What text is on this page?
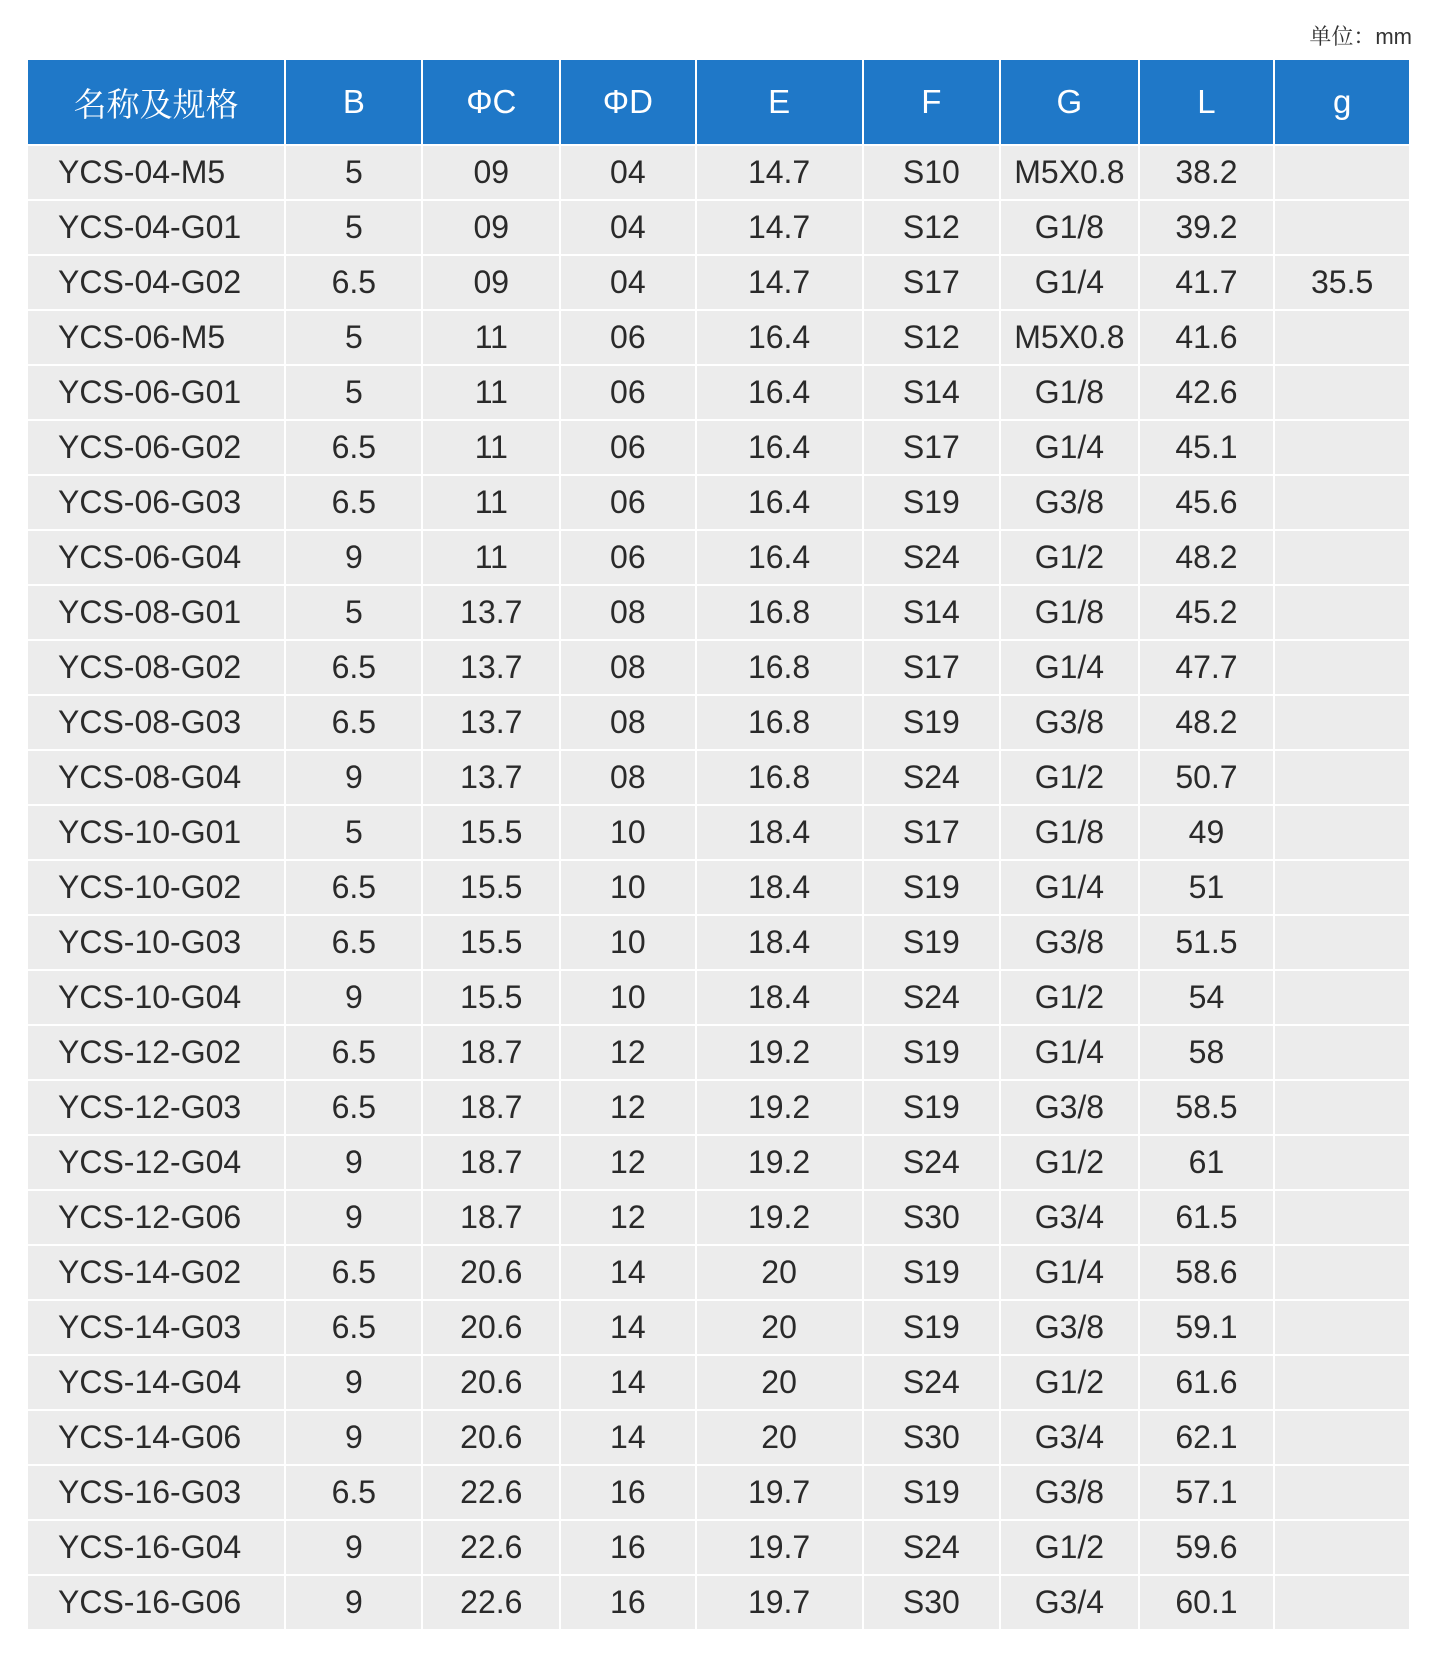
单位：mm
名称及规格	B	ΦC	ΦD	E	F	G	L	g
YCS-04-M5	5	09	04	14.7	S10	M5X0.8	38.2	
YCS-04-G01	5	09	04	14.7	S12	G1/8	39.2	
YCS-04-G02	6.5	09	04	14.7	S17	G1/4	41.7	35.5
YCS-06-M5	5	11	06	16.4	S12	M5X0.8	41.6	
YCS-06-G01	5	11	06	16.4	S14	G1/8	42.6	
YCS-06-G02	6.5	11	06	16.4	S17	G1/4	45.1	
YCS-06-G03	6.5	11	06	16.4	S19	G3/8	45.6	
YCS-06-G04	9	11	06	16.4	S24	G1/2	48.2	
YCS-08-G01	5	13.7	08	16.8	S14	G1/8	45.2	
YCS-08-G02	6.5	13.7	08	16.8	S17	G1/4	47.7	
YCS-08-G03	6.5	13.7	08	16.8	S19	G3/8	48.2	
YCS-08-G04	9	13.7	08	16.8	S24	G1/2	50.7	
YCS-10-G01	5	15.5	10	18.4	S17	G1/8	49	
YCS-10-G02	6.5	15.5	10	18.4	S19	G1/4	51	
YCS-10-G03	6.5	15.5	10	18.4	S19	G3/8	51.5	
YCS-10-G04	9	15.5	10	18.4	S24	G1/2	54	
YCS-12-G02	6.5	18.7	12	19.2	S19	G1/4	58	
YCS-12-G03	6.5	18.7	12	19.2	S19	G3/8	58.5	
YCS-12-G04	9	18.7	12	19.2	S24	G1/2	61	
YCS-12-G06	9	18.7	12	19.2	S30	G3/4	61.5	
YCS-14-G02	6.5	20.6	14	20	S19	G1/4	58.6	
YCS-14-G03	6.5	20.6	14	20	S19	G3/8	59.1	
YCS-14-G04	9	20.6	14	20	S24	G1/2	61.6	
YCS-14-G06	9	20.6	14	20	S30	G3/4	62.1	
YCS-16-G03	6.5	22.6	16	19.7	S19	G3/8	57.1	
YCS-16-G04	9	22.6	16	19.7	S24	G1/2	59.6	
YCS-16-G06	9	22.6	16	19.7	S30	G3/4	60.1	
